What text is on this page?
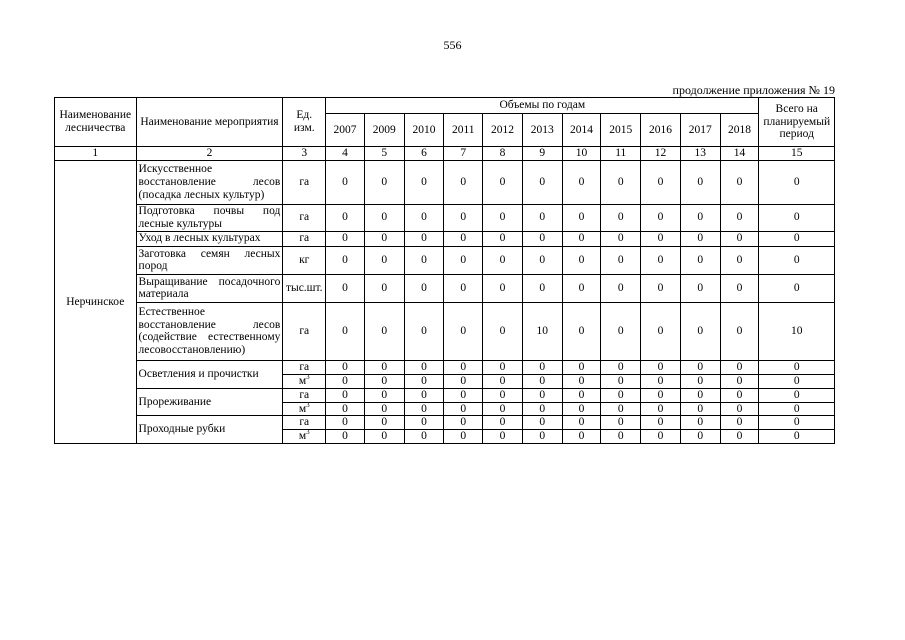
556
продолжение приложения № 19
Наименование лесничества	Наименование мероприятия	Ед. изм.	Объемы по годам											Всего на планируемый период
			2007	2009	2010	2011	2012	2013	2014	2015	2016	2017	2018	
1	2	3	4	5	6	7	8	9	10	11	12	13	14	15
Нерчинское	Искусственное восстановление лесов (посадка лесных культур)	га	0	0	0	0	0	0	0	0	0	0	0	0
	Подготовка почвы под лесные культуры	га	0	0	0	0	0	0	0	0	0	0	0	0
	Уход в лесных культурах	га	0	0	0	0	0	0	0	0	0	0	0	0
	Заготовка семян лесных пород	кг	0	0	0	0	0	0	0	0	0	0	0	0
	Выращивание посадочного материала	тыс.шт.	0	0	0	0	0	0	0	0	0	0	0	0
	Естественное восстановление лесов (содействие естественному лесовосстановлению)	га	0	0	0	0	0	10	0	0	0	0	0	10
	Осветления и прочистки	га	0	0	0	0	0	0	0	0	0	0	0	0
		$м^3$	0	0	0	0	0	0	0	0	0	0	0	0
	Прореживание	га	0	0	0	0	0	0	0	0	0	0	0	0
		$м^3$	0	0	0	0	0	0	0	0	0	0	0	0
	Проходные рубки	га	0	0	0	0	0	0	0	0	0	0	0	0
		$м^3$	0	0	0	0	0	0	0	0	0	0	0	0
